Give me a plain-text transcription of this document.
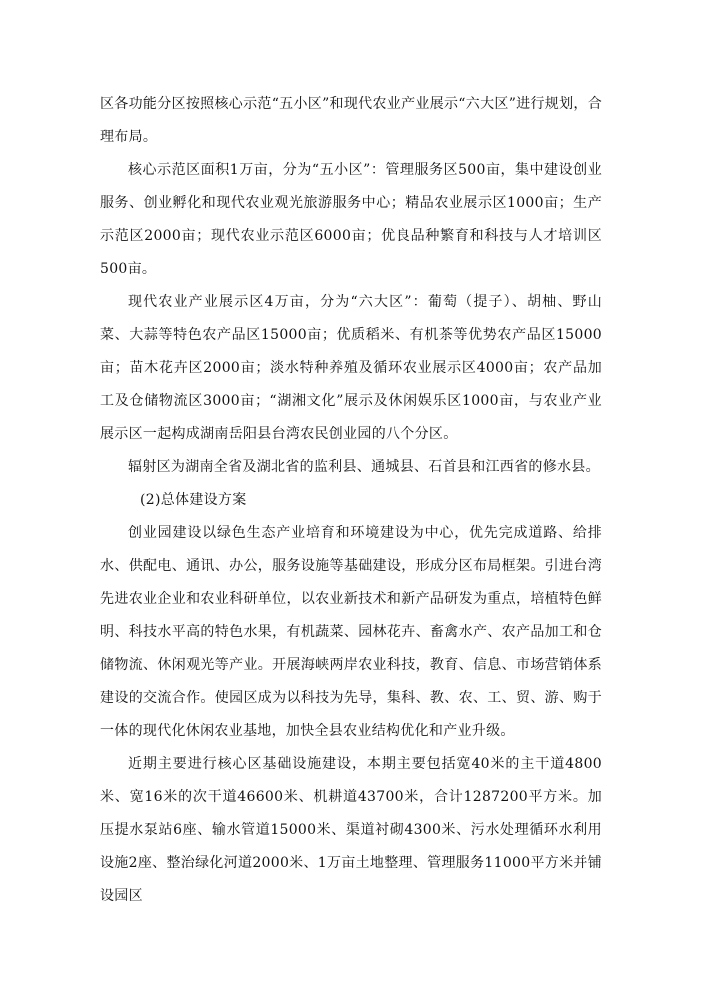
区各功能分区按照核心示范“五小区”和现代农业产业展示“六大区”进行规划，合理布局。

核心示范区面积1万亩，分为“五小区”：管理服务区500亩，集中建设创业服务、创业孵化和现代农业观光旅游服务中心；精品农业展示区1000亩；生产示范区2000亩；现代农业示范区6000亩；优良品种繁育和科技与人才培训区500亩。

现代农业产业展示区4万亩，分为“六大区”：葡萄（提子）、胡柚、野山菜、大蒜等特色农产品区15000亩；优质稻米、有机茶等优势农产品区15000亩；苗木花卉区2000亩；淡水特种养殖及循环农业展示区4000亩；农产品加工及仓储物流区3000亩；“湖湘文化”展示及休闲娱乐区1000亩，与农业产业展示区一起构成湖南岳阳县台湾农民创业园的八个分区。

辐射区为湖南全省及湖北省的监利县、通城县、石首县和江西省的修水县。

(2)总体建设方案

创业园建设以绿色生态产业培育和环境建设为中心，优先完成道路、给排水、供配电、通讯、办公，服务设施等基础建设，形成分区布局框架。引进台湾先进农业企业和农业科研单位，以农业新技术和新产品研发为重点，培植特色鲜明、科技水平高的特色水果，有机蔬菜、园林花卉、畜禽水产、农产品加工和仓储物流、休闲观光等产业。开展海峡两岸农业科技，教育、信息、市场营销体系建设的交流合作。使园区成为以科技为先导，集科、教、农、工、贸、游、购于一体的现代化休闲农业基地，加快全县农业结构优化和产业升级。

近期主要进行核心区基础设施建设，本期主要包括宽40米的主干道4800米、宽16米的次干道46600米、机耕道43700米，合计1287200平方米。加压提水泵站6座、输水管道15000米、渠道衬砌4300米、污水处理循环水利用设施2座、整治绿化河道2000米、1万亩土地整理、管理服务11000平方米并铺设园区
